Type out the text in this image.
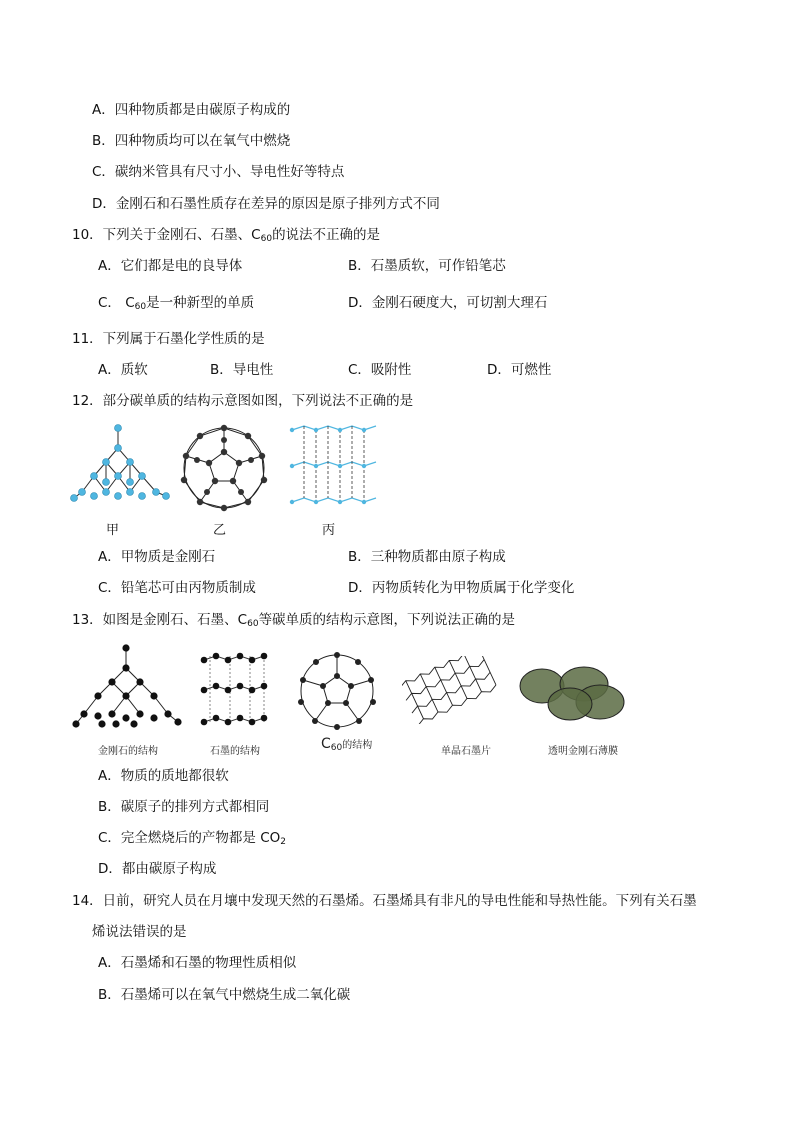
A．四种物质都是由碳原子构成的
B．四种物质均可以在氧气中燃烧
C．碳纳米管具有尺寸小、导电性好等特点
D．金刚石和石墨性质存在差异的原因是原子排列方式不同
10．下列关于金刚石、石墨、$C_{60}$的说法不正确的是
A．它们都是电的良导体	B．石墨质软，可作铅笔芯
C． $C_{60}$是一种新型的单质	D．金刚石硬度大，可切割大理石
11．下列属于石墨化学性质的是
A．质软	B．导电性	C．吸附性	D．可燃性
12．部分碳单质的结构示意图如图，下列说法不正确的是
甲	乙	丙
A．甲物质是金刚石	B．三种物质都由原子构成
C．铅笔芯可由丙物质制成	D．丙物质转化为甲物质属于化学变化
13．如图是金刚石、石墨、$C_{60}$等碳单质的结构示意图，下列说法正确的是
金刚石的结构	石墨的结构	$C_{60}$的结构
单晶石墨片	透明金刚石薄膜
A．物质的质地都很软
B．碳原子的排列方式都相同
C．完全燃烧后的产物都是 $CO_2$
D．都由碳原子构成
14．日前，研究人员在月壤中发现天然的石墨烯。石墨烯具有非凡的导电性能和导热性能。下列有关石墨
烯说法错误的是
A．石墨烯和石墨的物理性质相似
B．石墨烯可以在氧气中燃烧生成二氧化碳
